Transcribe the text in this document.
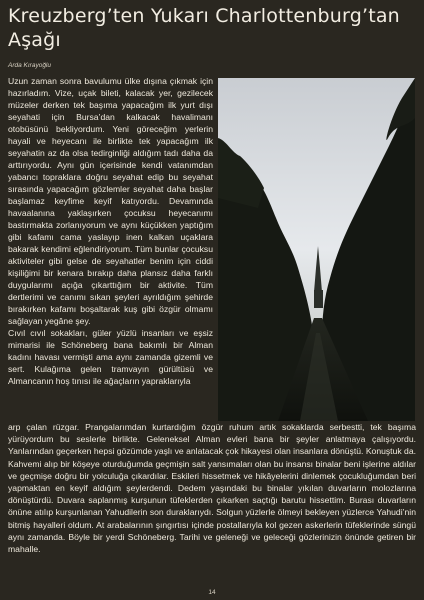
Kreuzberg’ten Yukarı Charlottenburg’tan Aşağı
Arda Kırayoğlu

Uzun zaman sonra bavulumu ülke dışına çıkmak için hazırladım. Vize, uçak bileti, kalacak yer, gezilecek müzeler derken tek başıma yapacağım ilk yurt dışı seyahati için Bursa’dan kalkacak havalimanı otobüsünü bekliyordum. Yeni göreceğim yerlerin hayali ve heyecanı ile birlikte tek yapacağım ilk seyahatin az da olsa tedirginliği aldığım tadı daha da arttırıyordu. Aynı gün içerisinde kendi vatanımdan yabancı topraklara doğru seyahat edip bu seyahat sırasında yapacağım gözlemler seyahat daha başlar başlamaz keyfime keyif katıyordu. Devamında havaalanına yaklaşırken çocuksu heyecanımı bastırmakta zorlanıyorum ve aynı küçükken yaptığım gibi kafamı cama yaslayıp inen kalkan uçaklara bakarak kendimi eğlendiriyorum. Tüm bunlar çocuksu aktiviteler gibi gelse de seyahatler benim için ciddi kişiliğimi bir kenara bırakıp daha plansız daha farklı duygularımı açığa çıkarttığım bir aktivite. Tüm dertlerimi ve canımı sıkan şeyleri ayrıldığım şehirde bırakırken kafamı boşaltarak kuş gibi özgür olmamı sağlayan yegâne şey.

Cıvıl cıvıl sokakları, güler yüzlü insanları ve eşsiz mimarisi ile Schöneberg bana bakımlı bir Alman kadını havası vermişti ama aynı zamanda gizemli ve sert. Kulağıma gelen tramvayın gürültüsü ve Almancanın hoş tınısı ile ağaçların yapraklarıyla

arp çalan rüzgar. Prangalarımdan kurtardığım özgür ruhum artık sokaklarda serbestti, tek başıma yürüyordum bu seslerle birlikte. Geleneksel Alman evleri bana bir şeyler anlatmaya çalışıyordu. Yanlarından geçerken hepsi gözümde yaşlı ve anlatacak çok hikayesi olan insanlara dönüştü. Konuştuk da. Kahvemi alıp bir köşeye oturduğumda geçmişin salt yansımaları olan bu insansı binalar beni işlerine aldılar ve geçmişe doğru bir yolculuğa çıkardılar. Eskileri hissetmek ve hikâyelerini dinlemek çocukluğumdan beri yapmaktan en keyif aldığım şeylerdendi. Dedem yaşındaki bu binalar yıkılan duvarların molozlarına dönüştürdü. Duvara saplanmış kurşunun tüfeklerden çıkarken saçtığı barutu hissettim. Burası duvarların önüne atılıp kurşunlanan Yahudilerin son duraklarıydı. Solgun yüzlerle ölmeyi bekleyen yüzlerce Yahudi’nin bitmiş hayalleri oldum. At arabalarının şıngırtısı içinde postallarıyla kol gezen askerlerin tüfeklerinde süngü aynı zamanda. Böyle bir yerdi Schöneberg. Tarihi ve geleneği ve geleceği gözlerinizin önünde getiren bir mahalle.

14
